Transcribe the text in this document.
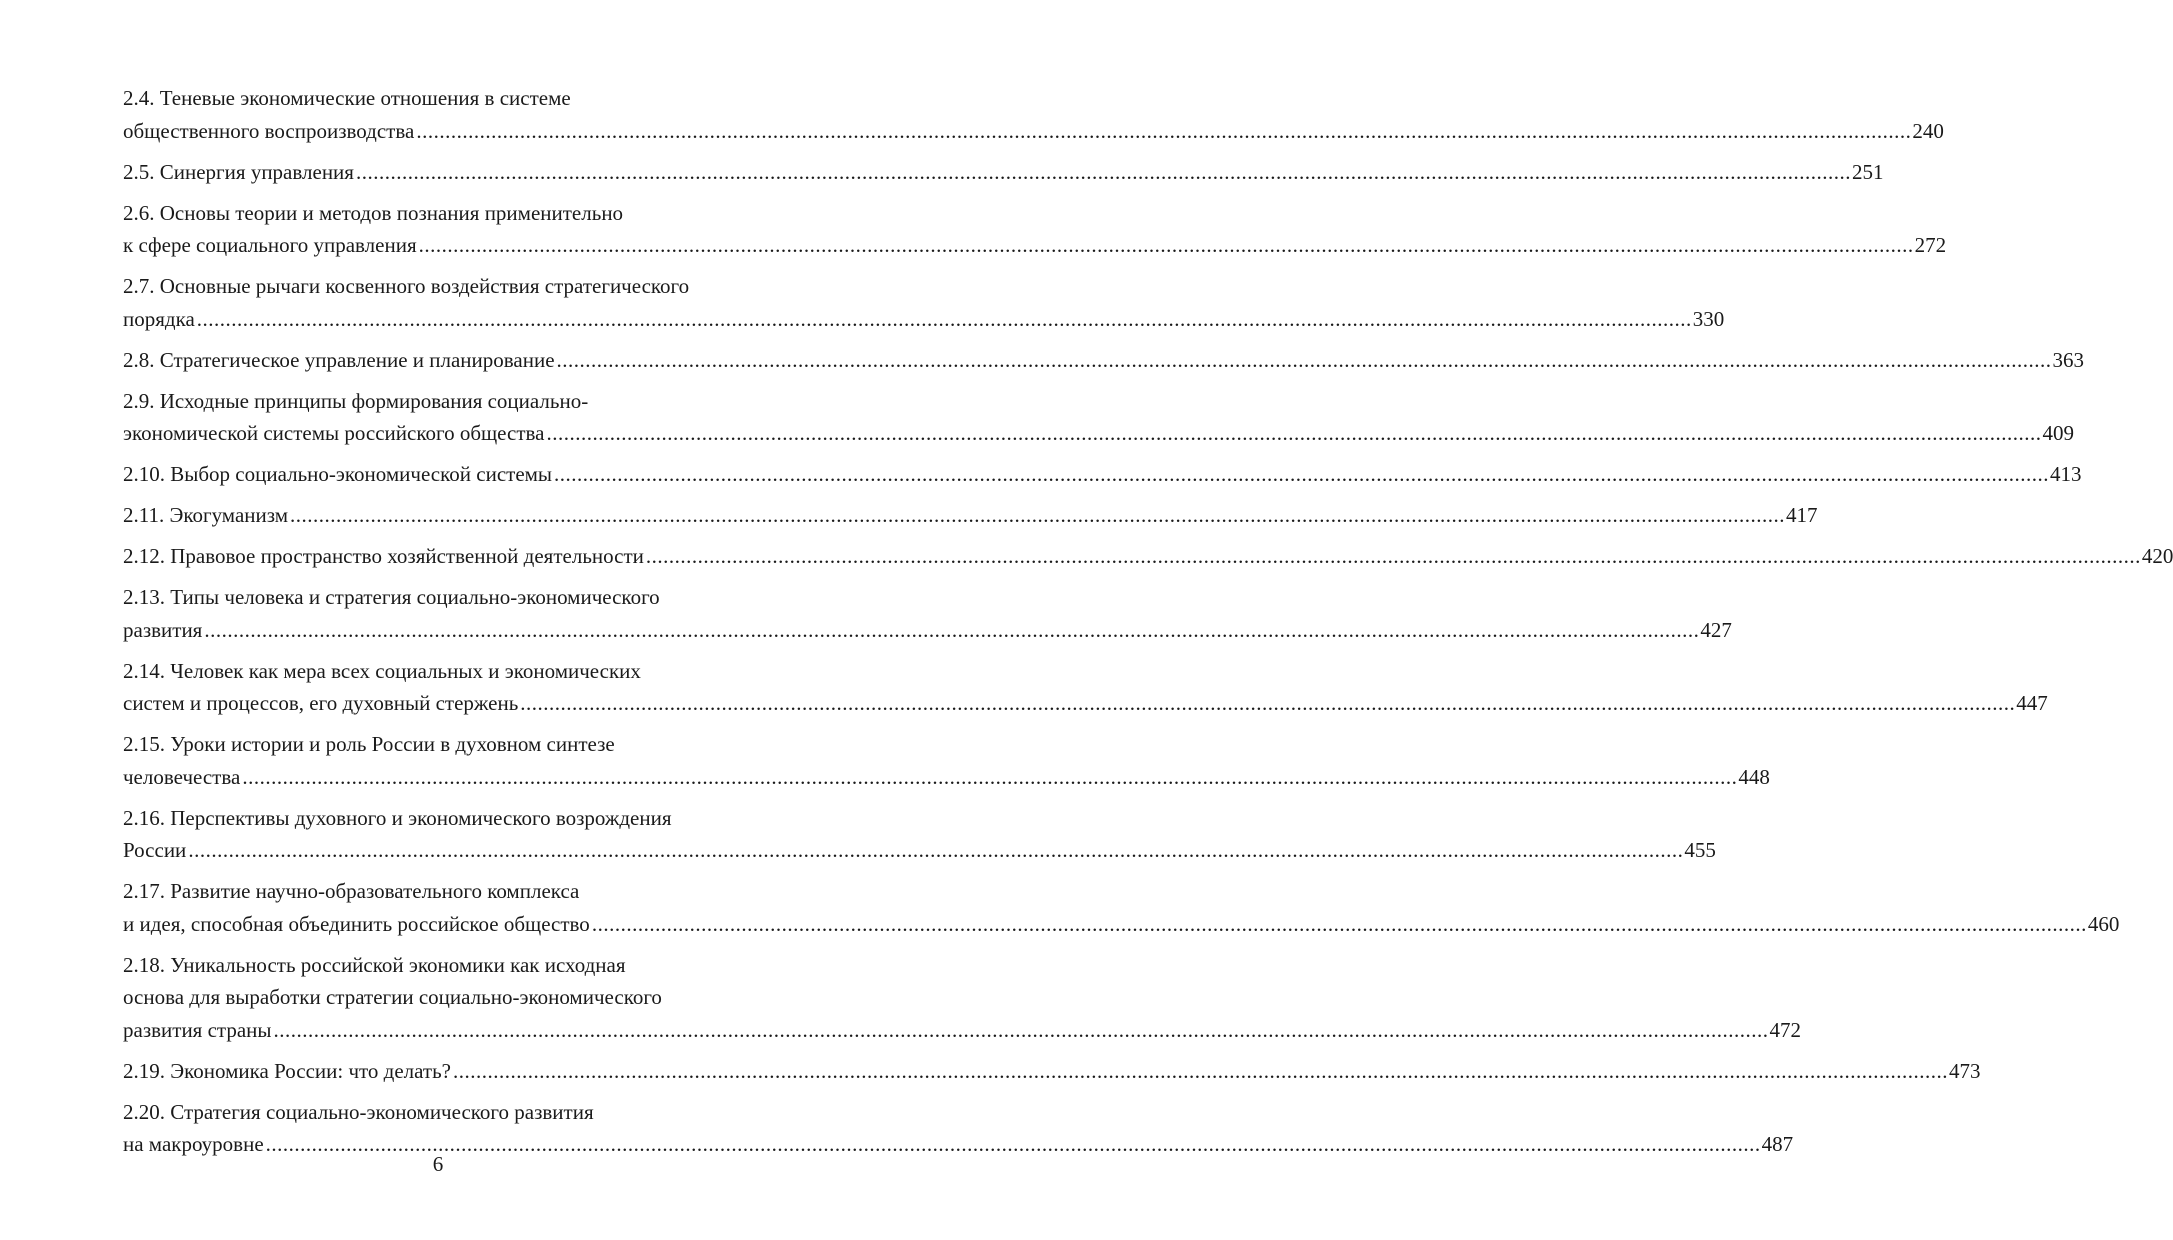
2.4. Теневые экономические отношения в системе
общественного воспроизводства .................................................................................................................................................................................................................................................................... 240
2.5. Синергия управления .................................................................................................................................................................................................................................................................... 251
2.6. Основы теории и методов познания применительно
к сфере социального управления .................................................................................................................................................................................................................................................................... 272
2.7. Основные рычаги косвенного воздействия стратегического
порядка .................................................................................................................................................................................................................................................................... 330
2.8. Стратегическое управление и планирование .................................................................................................................................................................................................................................................................... 363
2.9. Исходные принципы формирования социально-
экономической системы российского общества .................................................................................................................................................................................................................................................................... 409
2.10. Выбор социально-экономической системы .................................................................................................................................................................................................................................................................... 413
2.11. Экогуманизм .................................................................................................................................................................................................................................................................... 417
2.12. Правовое пространство хозяйственной деятельности .................................................................................................................................................................................................................................................................... 420
2.13. Типы человека и стратегия социально-экономического
развития .................................................................................................................................................................................................................................................................... 427
2.14. Человек как мера всех социальных и экономических
систем и процессов, его духовный стержень .................................................................................................................................................................................................................................................................... 447
2.15. Уроки истории и роль России в духовном синтезе
человечества .................................................................................................................................................................................................................................................................... 448
2.16. Перспективы духовного и экономического возрождения
России .................................................................................................................................................................................................................................................................... 455
2.17. Развитие научно-образовательного комплекса
и идея, способная объединить российское общество .................................................................................................................................................................................................................................................................... 460
2.18. Уникальность российской экономики как исходная
основа для выработки стратегии социально-экономического
развития страны .................................................................................................................................................................................................................................................................... 472
2.19. Экономика России: что делать? .................................................................................................................................................................................................................................................................... 473
2.20. Стратегия социально-экономического развития
на макроуровне .................................................................................................................................................................................................................................................................... 487
6
